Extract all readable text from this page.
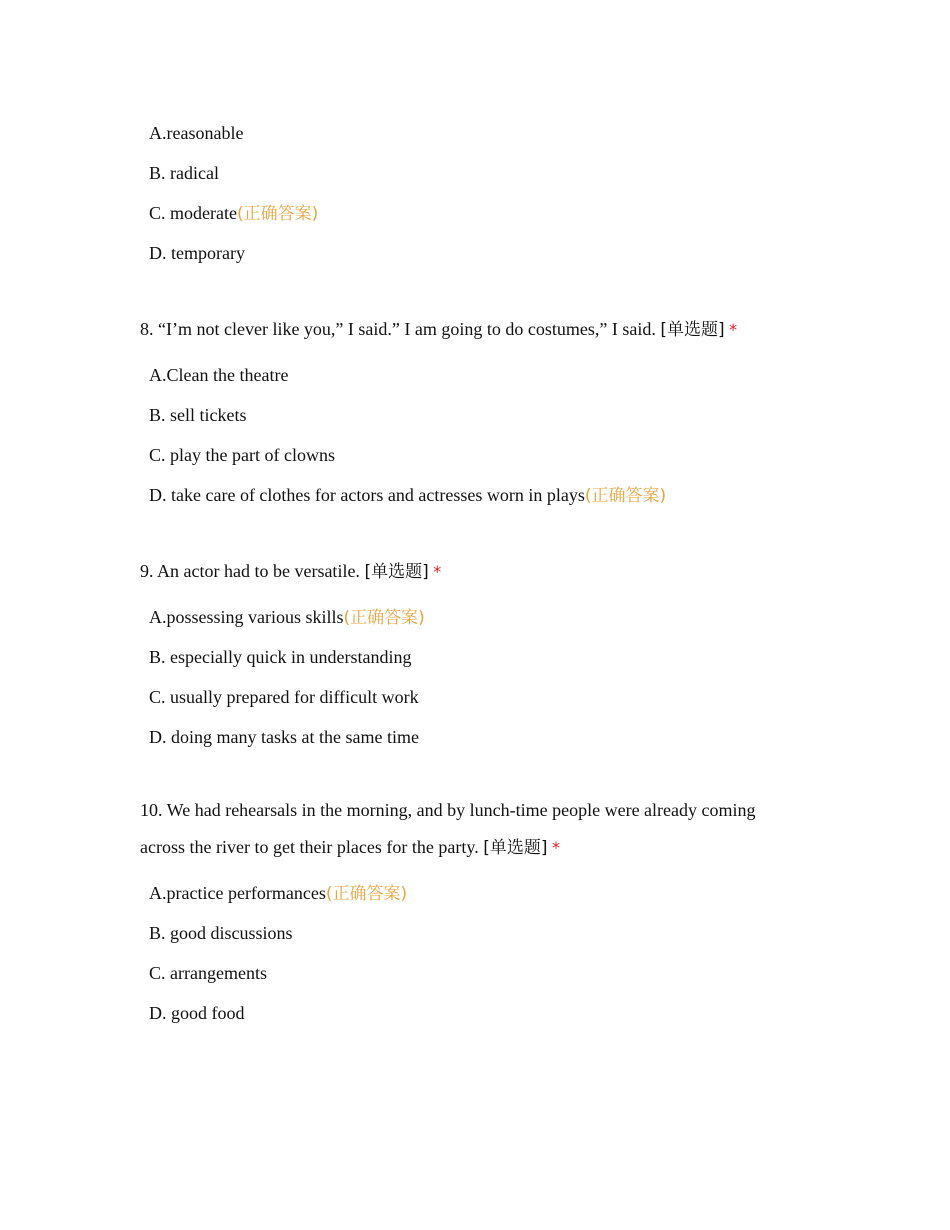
A.reasonable
B. radical
C. moderate(正确答案)
D. temporary
8. “I’m not clever like you,” I said.” I am going to do costumes,” I said. [单选题] *
A.Clean the theatre
B. sell tickets
C. play the part of clowns
D. take care of clothes for actors and actresses worn in plays(正确答案)
9. An actor had to be versatile. [单选题] *
A.possessing various skills(正确答案)
B. especially quick in understanding
C. usually prepared for difficult work
D. doing many tasks at the same time
10. We had rehearsals in the morning, and by lunch-time people were already coming across the river to get their places for the party. [单选题] *
A.practice performances(正确答案)
B. good discussions
C. arrangements
D. good food
